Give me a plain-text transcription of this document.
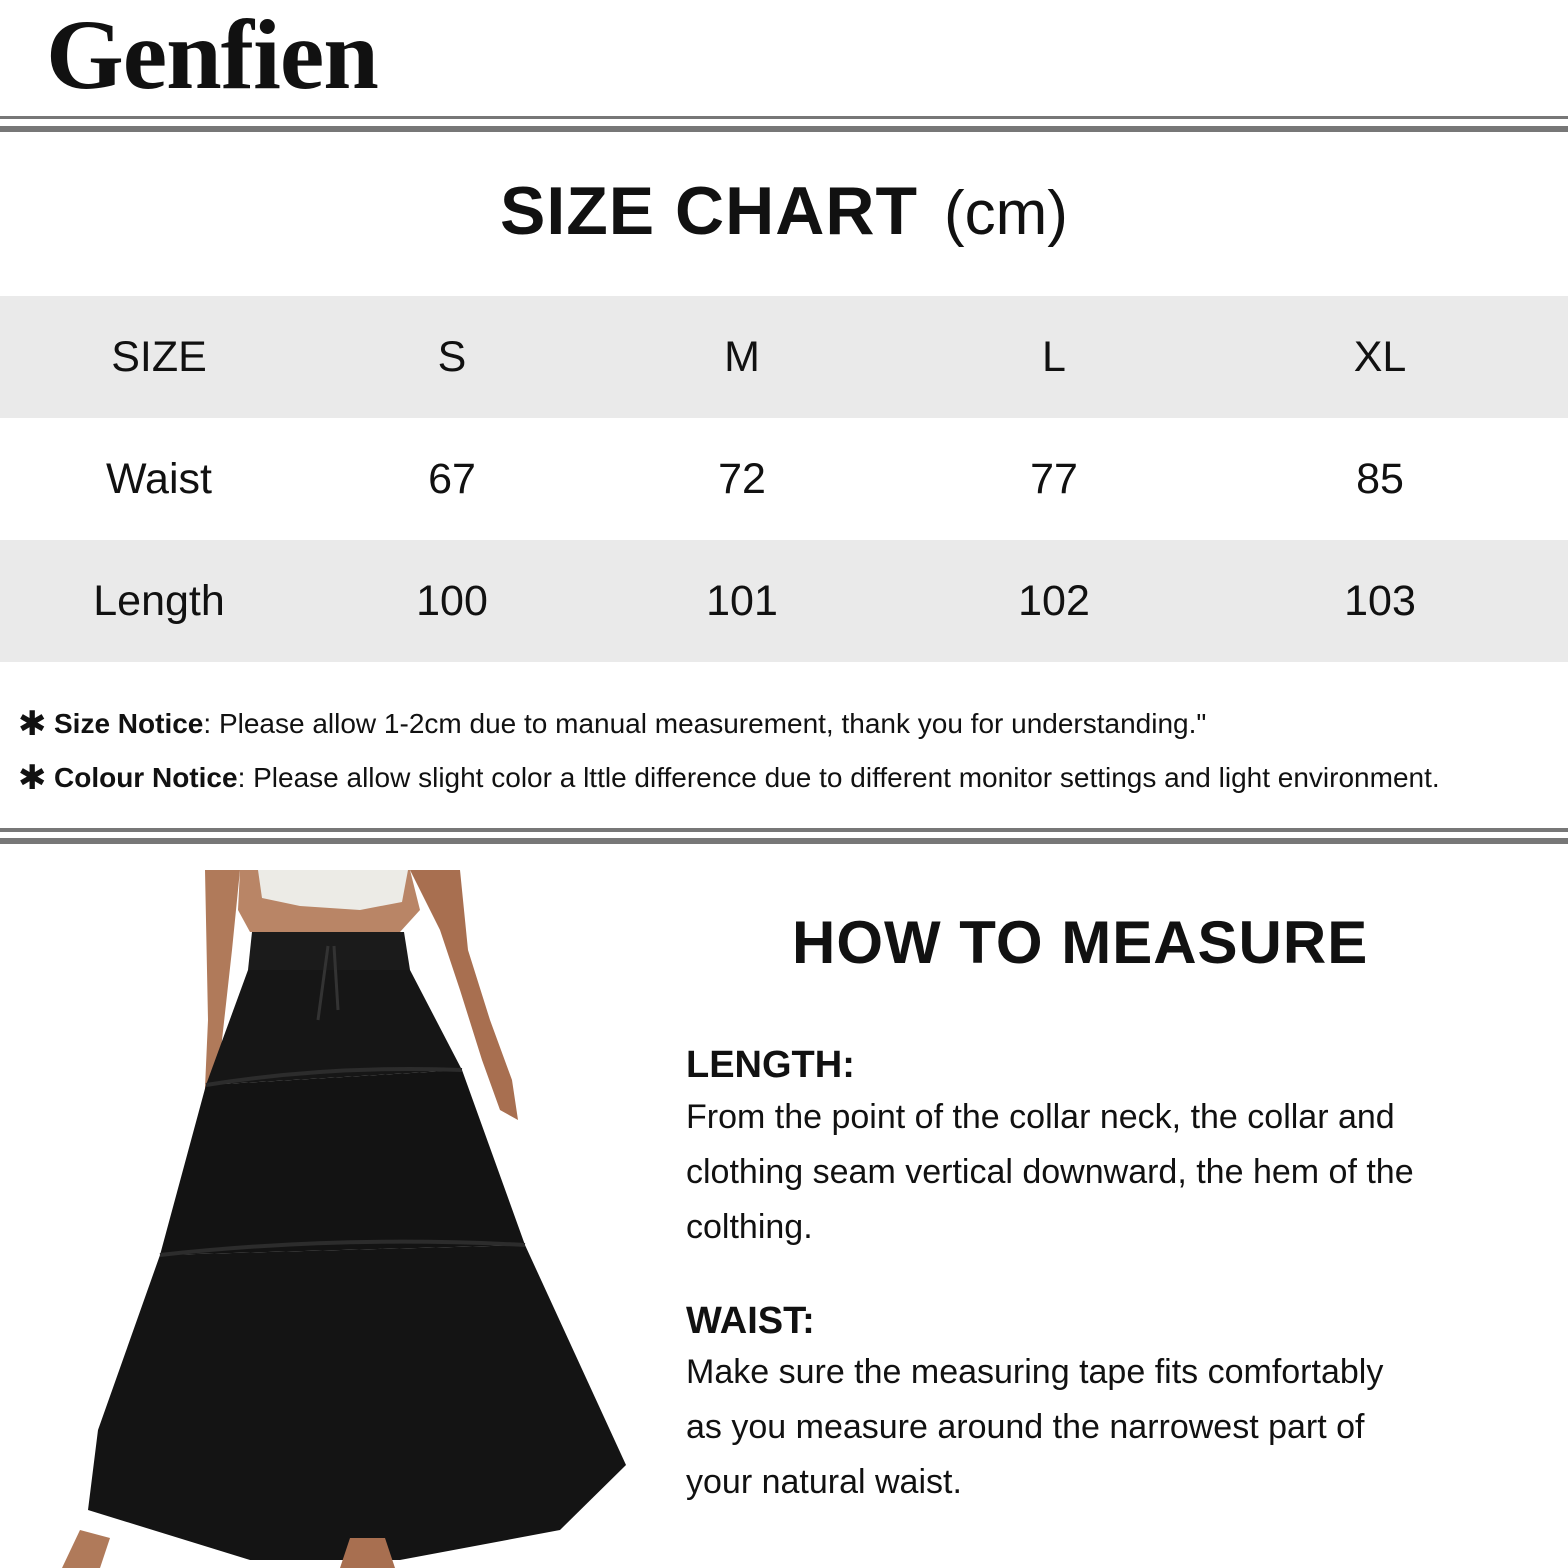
Genfien
SIZE CHART (cm)
SIZE	S	M	L	XL
Waist	67	72	77	85
Length	100	101	102	103
✱ Size Notice: Please allow 1-2cm due to manual measurement, thank you for understanding."
✱ Colour Notice: Please allow slight color a lttle difference due to different monitor settings and light environment.
HOW TO MEASURE
LENGTH:
From the point of the collar neck, the collar and
clothing seam vertical downward, the hem of the
colthing.
WAIST:
Make sure the measuring tape fits comfortably
as you measure around the narrowest part of
your natural waist.
